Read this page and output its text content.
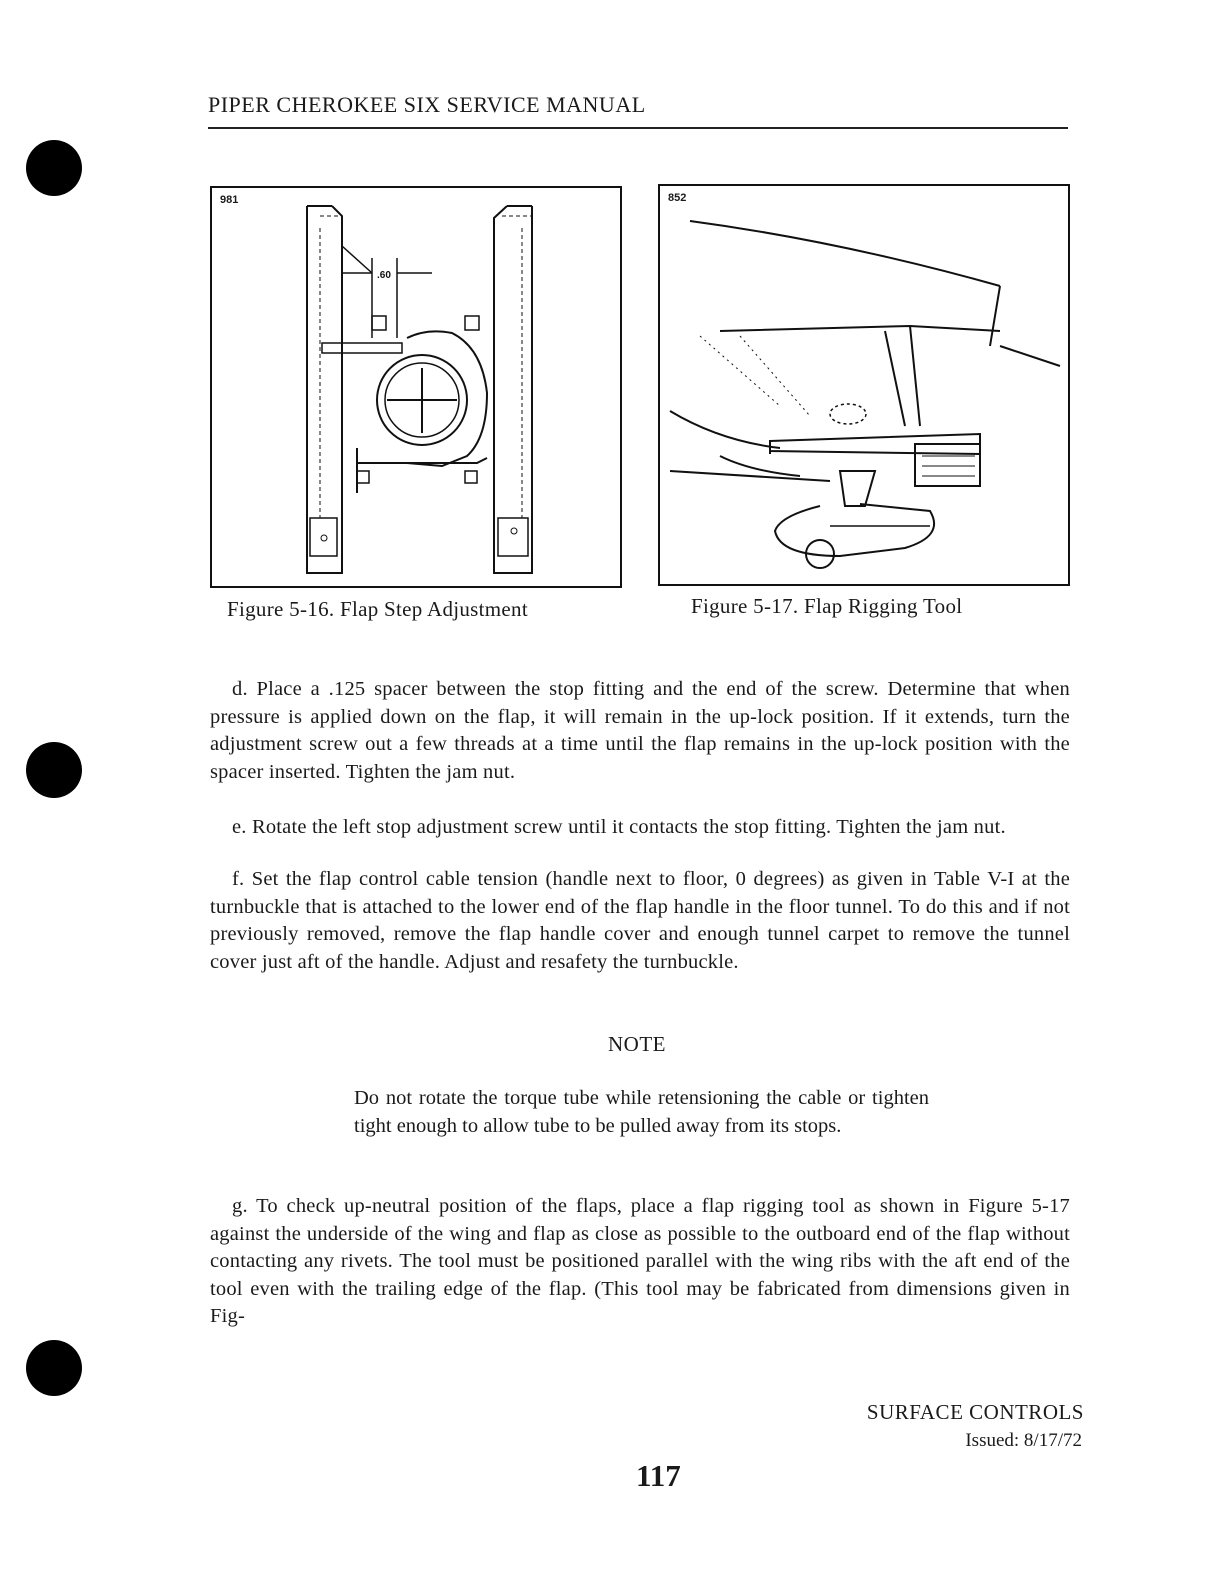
PIPER CHEROKEE SIX SERVICE MANUAL
981
.60
852
Figure 5-16. Flap Step Adjustment	Figure 5-17. Flap Rigging Tool
d. Place a .125 spacer between the stop fitting and the end of the screw. Determine that when pressure is applied down on the flap, it will remain in the up-lock position. If it extends, turn the adjustment screw out a few threads at a time until the flap remains in the up-lock position with the spacer inserted. Tighten the jam nut.
e. Rotate the left stop adjustment screw until it contacts the stop fitting. Tighten the jam nut.
f. Set the flap control cable tension (handle next to floor, 0 degrees) as given in Table V-I at the turnbuckle that is attached to the lower end of the flap handle in the floor tunnel. To do this and if not previously removed, remove the flap handle cover and enough tunnel carpet to remove the tunnel cover just aft of the handle. Adjust and resafety the turnbuckle.
NOTE
Do not rotate the torque tube while retensioning the cable or tighten tight enough to allow tube to be pulled away from its stops.
g. To check up-neutral position of the flaps, place a flap rigging tool as shown in Figure 5-17 against the underside of the wing and flap as close as possible to the outboard end of the flap without contacting any rivets. The tool must be positioned parallel with the wing ribs with the aft end of the tool even with the trailing edge of the flap. (This tool may be fabricated from dimensions given in Fig-
SURFACE CONTROLS
Issued: 8/17/72
117
